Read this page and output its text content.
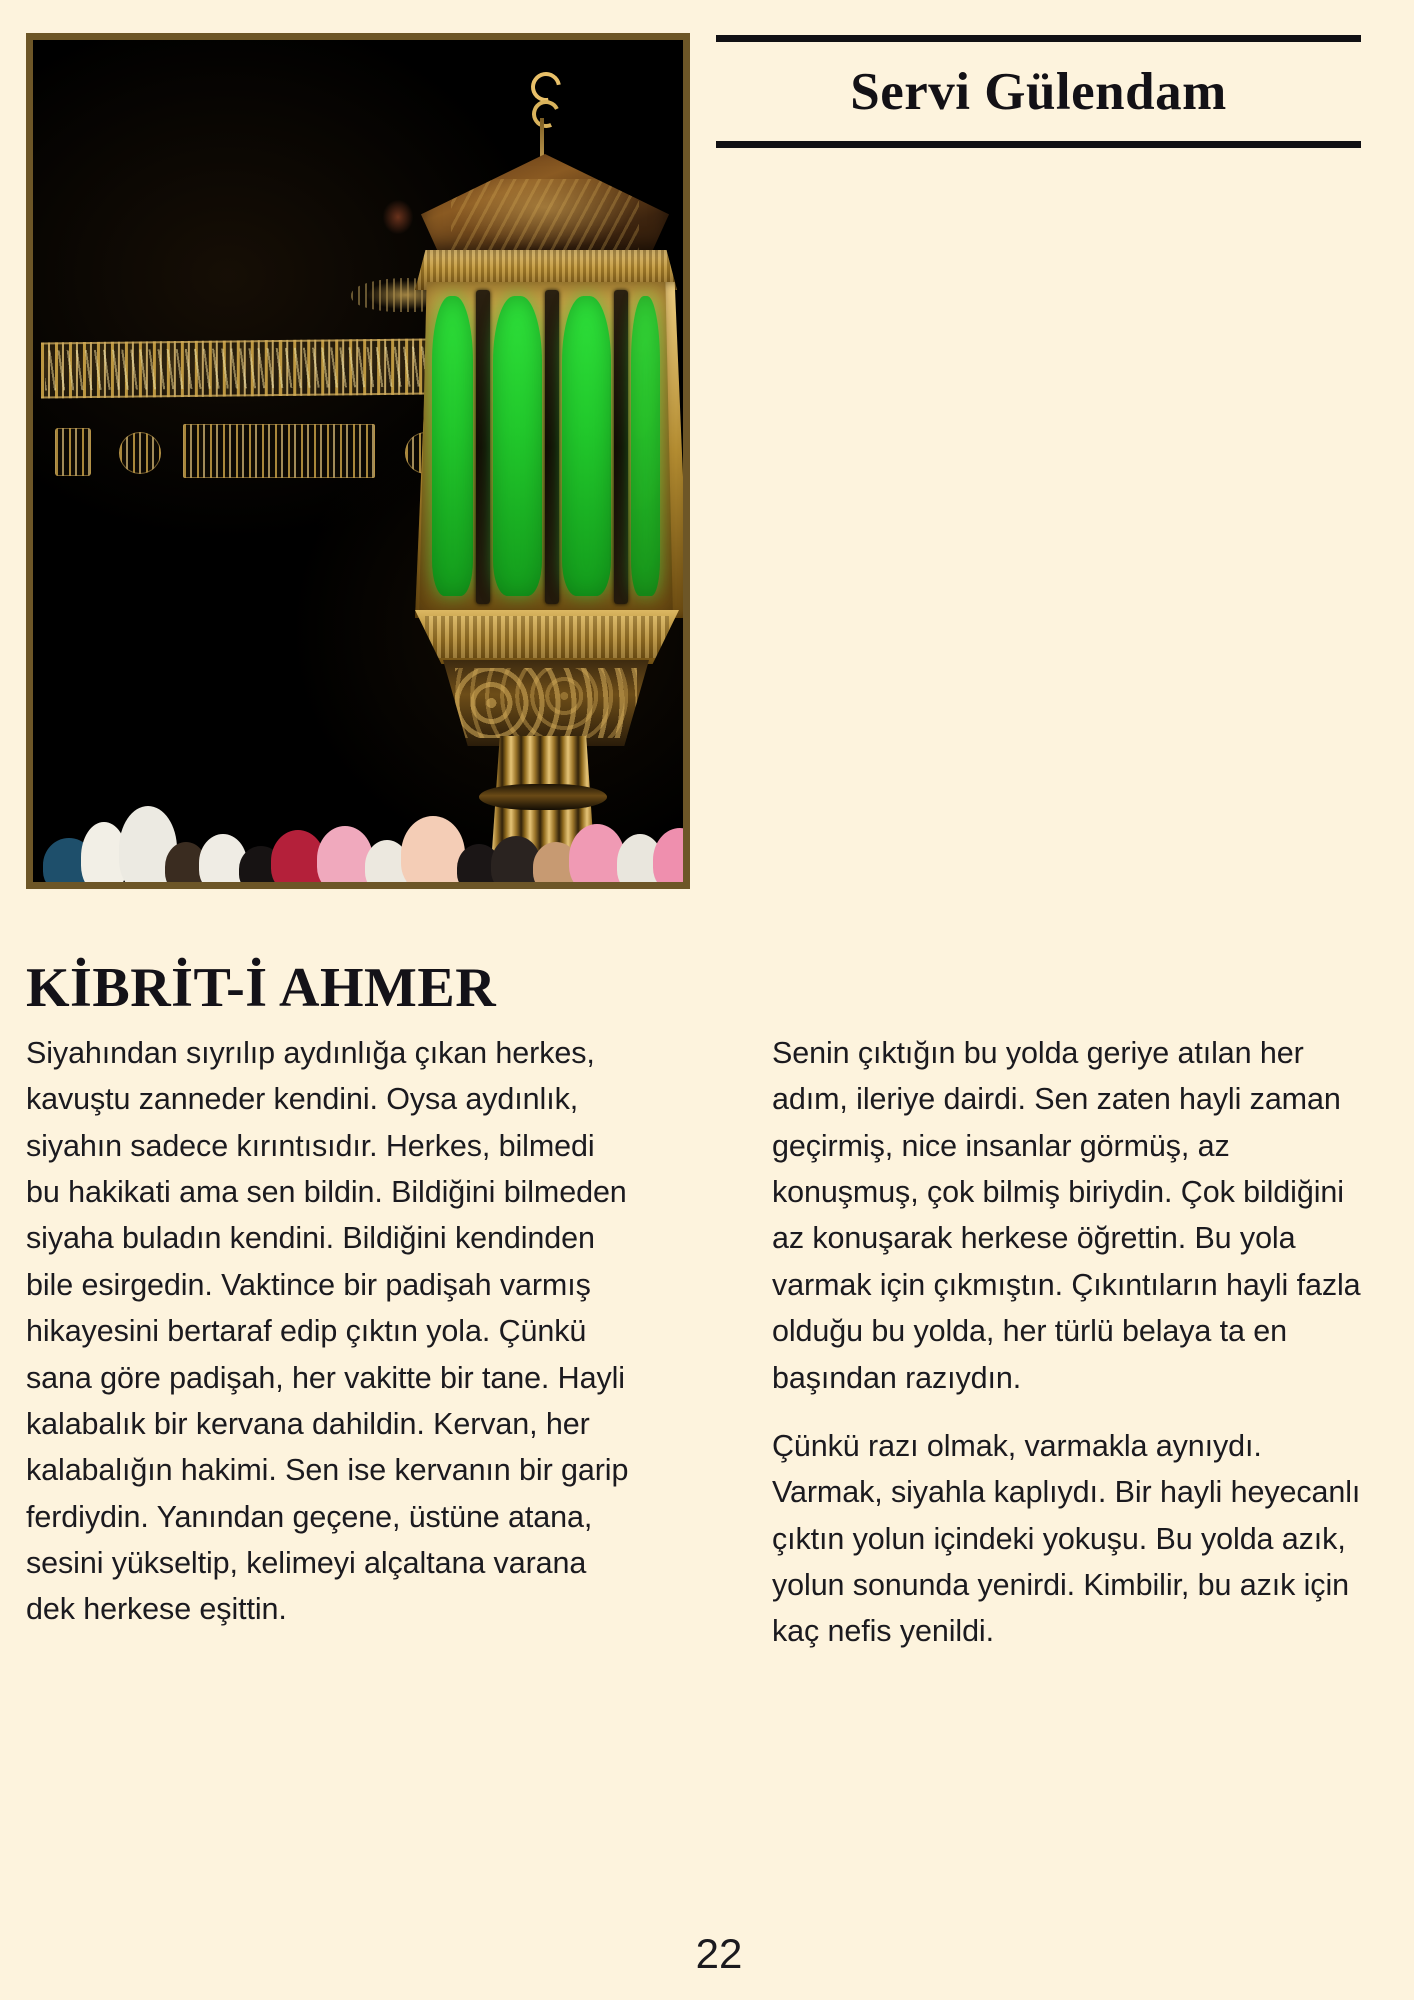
Servi Gülendam
KİBRİT-İ AHMER

Siyahından sıyrılıp aydınlığa çıkan herkes, kavuştu zanneder kendini. Oysa aydınlık, siyahın sadece kırıntısıdır. Herkes, bilmedi bu hakikati ama sen bildin. Bildiğini bilmeden siyaha buladın kendini. Bildiğini kendinden bile esirgedin. Vaktince bir padişah varmış hikayesini bertaraf edip çıktın yola. Çünkü sana göre padişah, her vakitte bir tane. Hayli kalabalık bir kervana dahildin. Kervan, her kalabalığın hakimi. Sen ise kervanın bir garip ferdiydin. Yanından geçene, üstüne atana, sesini yükseltip, kelimeyi alçaltana varana dek herkese eşittin.

Senin çıktığın bu yolda geriye atılan her adım, ileriye dairdi. Sen zaten hayli zaman geçirmiş, nice insanlar görmüş, az konuşmuş, çok bilmiş biriydin. Çok bildiğini az konuşarak herkese öğrettin. Bu yola varmak için çıkmıştın. Çıkıntıların hayli fazla olduğu bu yolda, her türlü belaya ta en başından razıydın.

Çünkü razı olmak, varmakla aynıydı. Varmak, siyahla kaplıydı. Bir hayli heyecanlı çıktın yolun içindeki yokuşu. Bu yolda azık, yolun sonunda yenirdi. Kimbilir, bu azık için kaç nefis yenildi.

22
